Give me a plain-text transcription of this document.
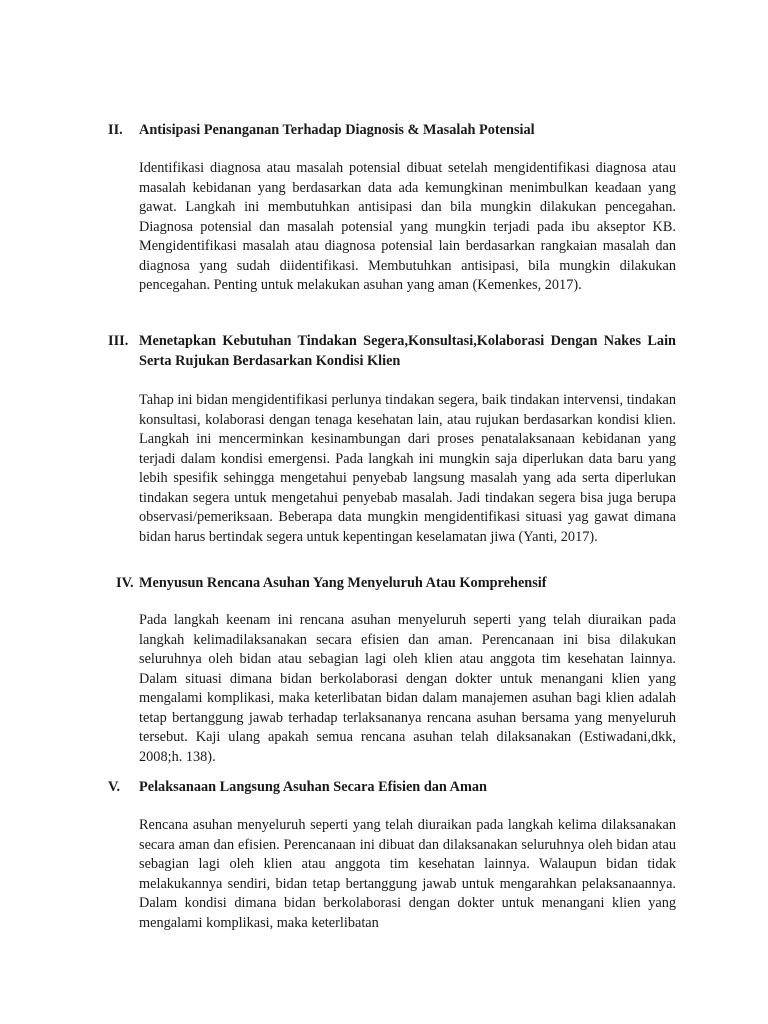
II. Antisipasi Penanganan Terhadap Diagnosis & Masalah Potensial
Identifikasi diagnosa atau masalah potensial dibuat setelah mengidentifikasi diagnosa atau masalah kebidanan yang berdasarkan data ada kemungkinan menimbulkan keadaan yang gawat. Langkah ini membutuhkan antisipasi dan bila mungkin dilakukan pencegahan. Diagnosa potensial dan masalah potensial yang mungkin terjadi pada ibu akseptor KB. Mengidentifikasi masalah atau diagnosa potensial lain berdasarkan rangkaian masalah dan diagnosa yang sudah diidentifikasi. Membutuhkan antisipasi, bila mungkin dilakukan pencegahan. Penting untuk melakukan asuhan yang aman (Kemenkes, 2017).
III. Menetapkan Kebutuhan Tindakan Segera,Konsultasi,Kolaborasi Dengan Nakes Lain Serta Rujukan Berdasarkan Kondisi Klien
Tahap ini bidan mengidentifikasi perlunya tindakan segera, baik tindakan intervensi, tindakan konsultasi, kolaborasi dengan tenaga kesehatan lain, atau rujukan berdasarkan kondisi klien. Langkah ini mencerminkan kesinambungan dari proses penatalaksanaan kebidanan yang terjadi dalam kondisi emergensi. Pada langkah ini mungkin saja diperlukan data baru yang lebih spesifik sehingga mengetahui penyebab langsung masalah yang ada serta diperlukan tindakan segera untuk mengetahui penyebab masalah. Jadi tindakan segera bisa juga berupa observasi/pemeriksaan. Beberapa data mungkin mengidentifikasi situasi yag gawat dimana bidan harus bertindak segera untuk kepentingan keselamatan jiwa (Yanti, 2017).
IV. Menyusun Rencana Asuhan Yang Menyeluruh Atau Komprehensif
Pada langkah keenam ini rencana asuhan menyeluruh seperti yang telah diuraikan pada langkah kelimadilaksanakan secara efisien dan aman. Perencanaan ini bisa dilakukan seluruhnya oleh bidan atau sebagian lagi oleh klien atau anggota tim kesehatan lainnya. Dalam situasi dimana bidan berkolaborasi dengan dokter untuk menangani klien yang mengalami komplikasi, maka keterlibatan bidan dalam manajemen asuhan bagi klien adalah tetap bertanggung jawab terhadap terlaksananya rencana asuhan bersama yang menyeluruh tersebut. Kaji ulang apakah semua rencana asuhan telah dilaksanakan (Estiwadani,dkk, 2008;h. 138).
V. Pelaksanaan Langsung Asuhan Secara Efisien dan Aman
Rencana asuhan menyeluruh seperti yang telah diuraikan pada langkah kelima dilaksanakan secara aman dan efisien. Perencanaan ini dibuat dan dilaksanakan seluruhnya oleh bidan atau sebagian lagi oleh klien atau anggota tim kesehatan lainnya. Walaupun bidan tidak melakukannya sendiri, bidan tetap bertanggung jawab untuk mengarahkan pelaksanaannya. Dalam kondisi dimana bidan berkolaborasi dengan dokter untuk menangani klien yang mengalami komplikasi, maka keterlibatan
